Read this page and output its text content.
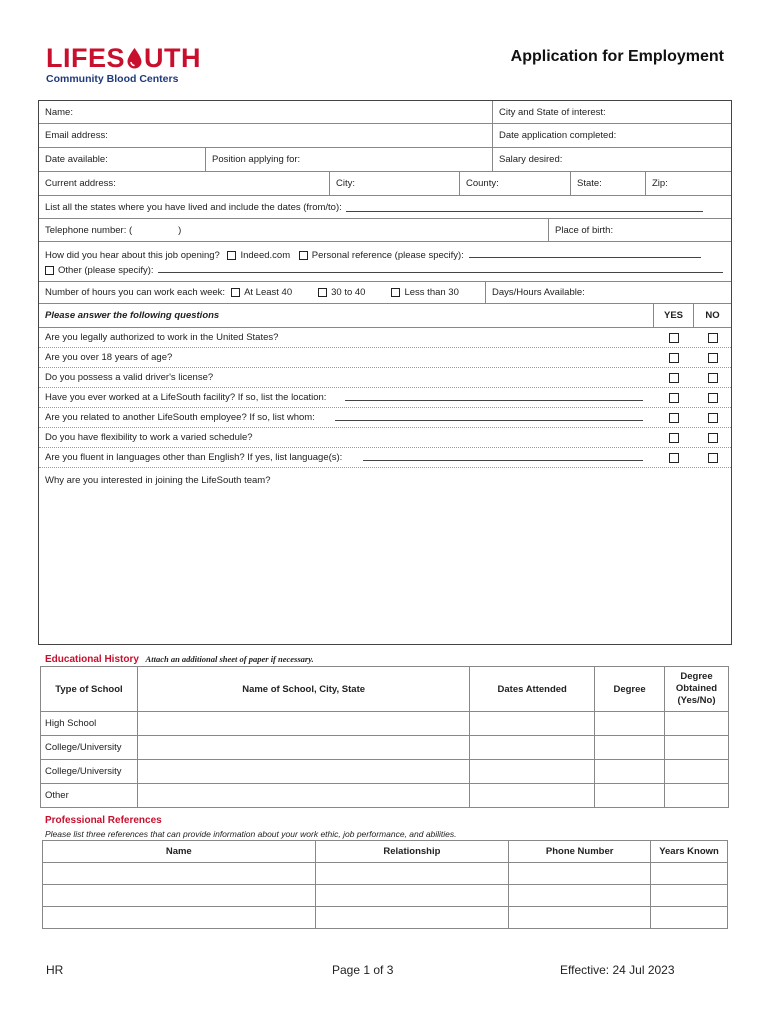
LIFES UTH
Community Blood Centers
Application for Employment
Name:	City and State of interest:
Email address:	Date application completed:
Date available:	Position applying for:	Salary desired:
Current address:	City:	County:	State:	Zip:
List all the states where you have lived and include the dates (from/to):
Telephone number: (	)	Place of birth:
How did you hear about this job opening? Indeed.com Personal reference (please specify):
Other (please specify):
Number of hours you can work each week: At Least 40	30 to 40	Less than 30	Days/Hours Available:
Please answer the following questions	YES	NO
Are you legally authorized to work in the United States?
Are you over 18 years of age?
Do you possess a valid driver's license?
Have you ever worked at a LifeSouth facility? If so, list the location:
Are you related to another LifeSouth employee? If so, list whom:
Do you have flexibility to work a varied schedule?
Are you fluent in languages other than English? If yes, list language(s):
Why are you interested in joining the LifeSouth team?
Educational History Attach an additional sheet of paper if necessary.
Type of School	Name of School, City, State	Dates Attended	Degree	Degree Obtained (Yes/No)
High School				
College/University				
College/University				
Other				
Professional References
Please list three references that can provide information about your work ethic, job performance, and abilities.
Name	Relationship	Phone Number	Years Known

HR	Page 1 of 3	Effective: 24 Jul 2023
